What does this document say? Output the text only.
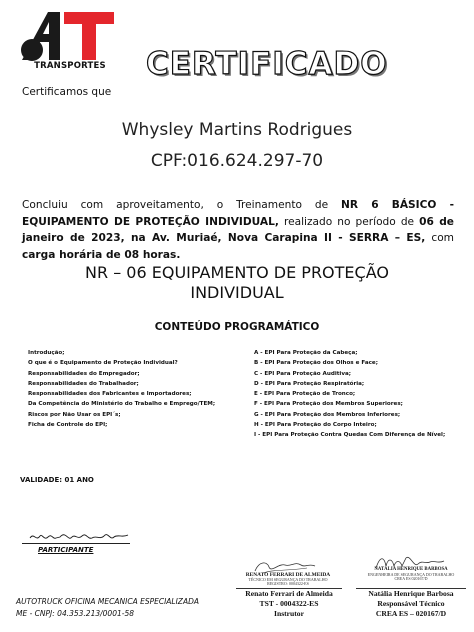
TRANSPORTES CERTIFICADO
Certificamos que
Whysley Martins Rodrigues
CPF:016.624.297-70
Concluiu com aproveitamento, o Treinamento de NR 6 BÁSICO - EQUIPAMENTO DE PROTEÇÃO INDIVIDUAL, realizado no período de 06 de janeiro de 2023, na Av. Muriaé, Nova Carapina II - SERRA – ES, com carga horária de 08 horas.
NR – 06 EQUIPAMENTO DE PROTEÇÃO
INDIVIDUAL
CONTEÚDO PROGRAMÁTICO
Introdução;
O que é o Equipamento de Proteção Individual?
Responsabilidades do Empregador;
Responsabilidades do Trabalhador;
Responsabilidades dos Fabricantes e Importadores;
Da Competência do Ministério do Trabalho e Emprego/TEM;
Riscos por Não Usar os EPI´s;
Ficha de Controle do EPI;
A - EPI Para Proteção da Cabeça;
B - EPI Para Proteção dos Olhos e Face;
C - EPI Para Proteção Auditiva;
D - EPI Para Proteção Respiratória;
E - EPI Para Proteção de Tronco;
F - EPI Para Proteção dos Membros Superiores;
G - EPI Para Proteção dos Membros Inferiores;
H - EPI Para Proteção do Corpo Inteiro;
I - EPI Para Proteção Contra Quedas Com Diferença de Nível;
VALIDADE: 01 ANO
PARTICIPANTE
AUTOTRUCK OFICINA MECANICA ESPECIALIZADA
ME - CNPJ: 04.353.213/0001-58
RENATO FERRARI DE ALMEIDA
TÉCNICO EM SEGURANÇA DO TRABALHO
REGISTRO: 0004322-ES
Renato Ferrari de Almeida
TST - 0004322-ES
Instrutor
NATÁLIA HENRIQUE BARBOSA
ENGENHEIRA DE SEGURANÇA DO TRABALHO
CREA ES 020167/D
Natália Henrique Barbosa
Responsável Técnico
CREA ES – 020167/D
